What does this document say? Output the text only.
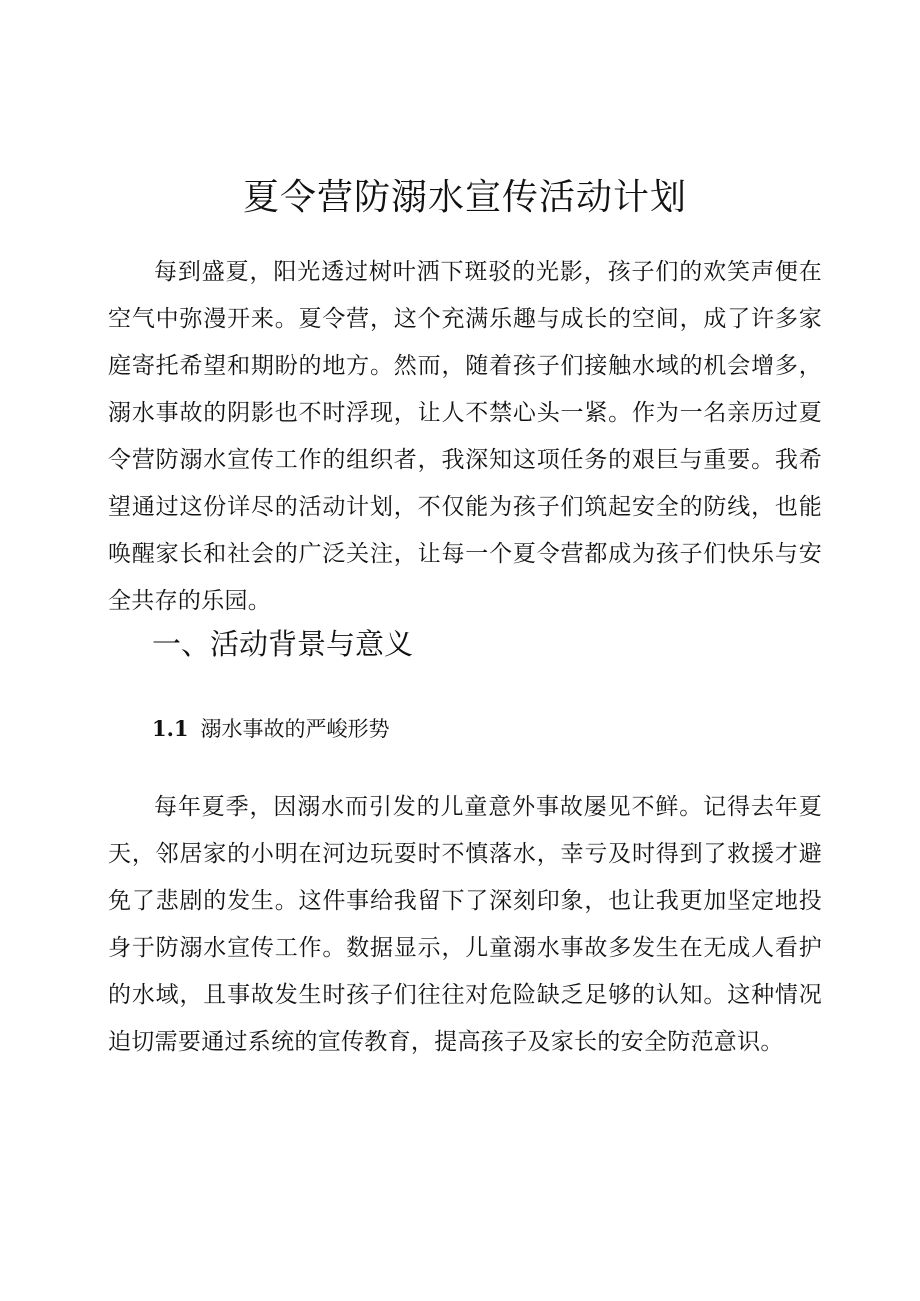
夏令营防溺水宣传活动计划

每到盛夏，阳光透过树叶洒下斑驳的光影，孩子们的欢笑声便在空气中弥漫开来。夏令营，这个充满乐趣与成长的空间，成了许多家庭寄托希望和期盼的地方。然而，随着孩子们接触水域的机会增多，溺水事故的阴影也不时浮现，让人不禁心头一紧。作为一名亲历过夏令营防溺水宣传工作的组织者，我深知这项任务的艰巨与重要。我希望通过这份详尽的活动计划，不仅能为孩子们筑起安全的防线，也能唤醒家长和社会的广泛关注，让每一个夏令营都成为孩子们快乐与安全共存的乐园。

一、活动背景与意义
1.1 溺水事故的严峻形势

每年夏季，因溺水而引发的儿童意外事故屡见不鲜。记得去年夏天，邻居家的小明在河边玩耍时不慎落水，幸亏及时得到了救援才避免了悲剧的发生。这件事给我留下了深刻印象，也让我更加坚定地投身于防溺水宣传工作。数据显示，儿童溺水事故多发生在无成人看护的水域，且事故发生时孩子们往往对危险缺乏足够的认知。这种情况迫切需要通过系统的宣传教育，提高孩子及家长的安全防范意识。
